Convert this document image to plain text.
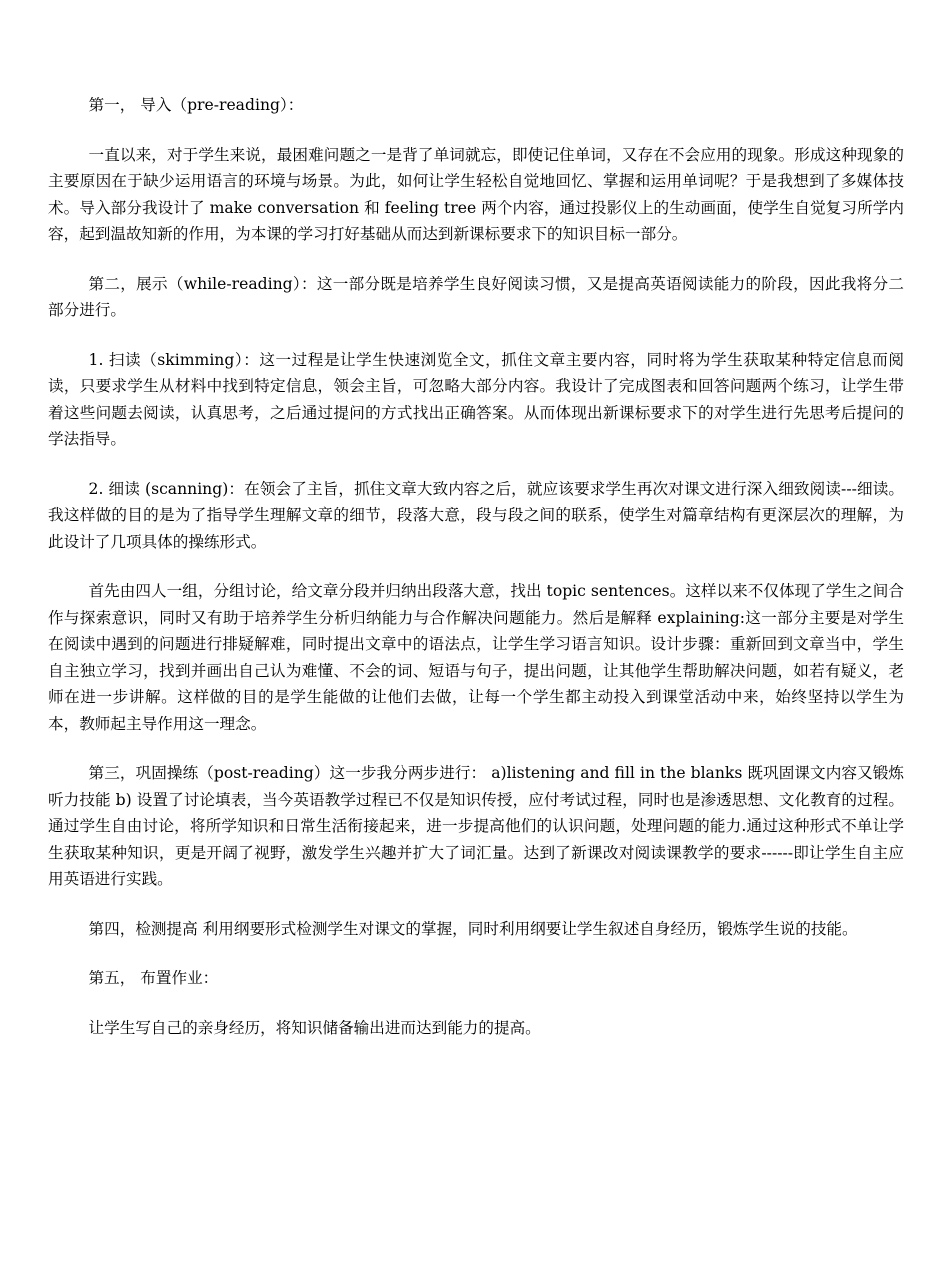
第一， 导入（pre-reading）：

一直以来，对于学生来说，最困难问题之一是背了单词就忘，即使记住单词，又存在不会应用的现象。形成这种现象的主要原因在于缺少运用语言的环境与场景。为此，如何让学生轻松自觉地回忆、掌握和运用单词呢？于是我想到了多媒体技术。导入部分我设计了 make conversation 和 feeling tree 两个内容，通过投影仪上的生动画面，使学生自觉复习所学内容，起到温故知新的作用，为本课的学习打好基础从而达到新课标要求下的知识目标一部分。

第二，展示（while-reading）：这一部分既是培养学生良好阅读习惯，又是提高英语阅读能力的阶段，因此我将分二部分进行。

1. 扫读（skimming）：这一过程是让学生快速浏览全文，抓住文章主要内容，同时将为学生获取某种特定信息而阅读，只要求学生从材料中找到特定信息，领会主旨，可忽略大部分内容。我设计了完成图表和回答问题两个练习，让学生带着这些问题去阅读，认真思考，之后通过提问的方式找出正确答案。从而体现出新课标要求下的对学生进行先思考后提问的学法指导。

2. 细读 (scanning)：在领会了主旨，抓住文章大致内容之后，就应该要求学生再次对课文进行深入细致阅读---细读。我这样做的目的是为了指导学生理解文章的细节，段落大意，段与段之间的联系，使学生对篇章结构有更深层次的理解，为此设计了几项具体的操练形式。

首先由四人一组，分组讨论，给文章分段并归纳出段落大意，找出 topic sentences。这样以来不仅体现了学生之间合作与探索意识，同时又有助于培养学生分析归纳能力与合作解决问题能力。然后是解释 explaining:这一部分主要是对学生在阅读中遇到的问题进行排疑解难，同时提出文章中的语法点，让学生学习语言知识。设计步骤：重新回到文章当中，学生自主独立学习，找到并画出自己认为难懂、不会的词、短语与句子，提出问题，让其他学生帮助解决问题，如若有疑义，老师在进一步讲解。这样做的目的是学生能做的让他们去做，让每一个学生都主动投入到课堂活动中来，始终坚持以学生为本，教师起主导作用这一理念。

第三，巩固操练（post-reading）这一步我分两步进行： a)listening and fill in the blanks 既巩固课文内容又锻炼听力技能 b) 设置了讨论填表，当今英语教学过程已不仅是知识传授，应付考试过程，同时也是渗透思想、文化教育的过程。通过学生自由讨论，将所学知识和日常生活衔接起来，进一步提高他们的认识问题，处理问题的能力.通过这种形式不单让学生获取某种知识，更是开阔了视野，激发学生兴趣并扩大了词汇量。达到了新课改对阅读课教学的要求------即让学生自主应用英语进行实践。

第四，检测提高 利用纲要形式检测学生对课文的掌握，同时利用纲要让学生叙述自身经历，锻炼学生说的技能。

第五， 布置作业：

让学生写自己的亲身经历，将知识储备输出进而达到能力的提高。
